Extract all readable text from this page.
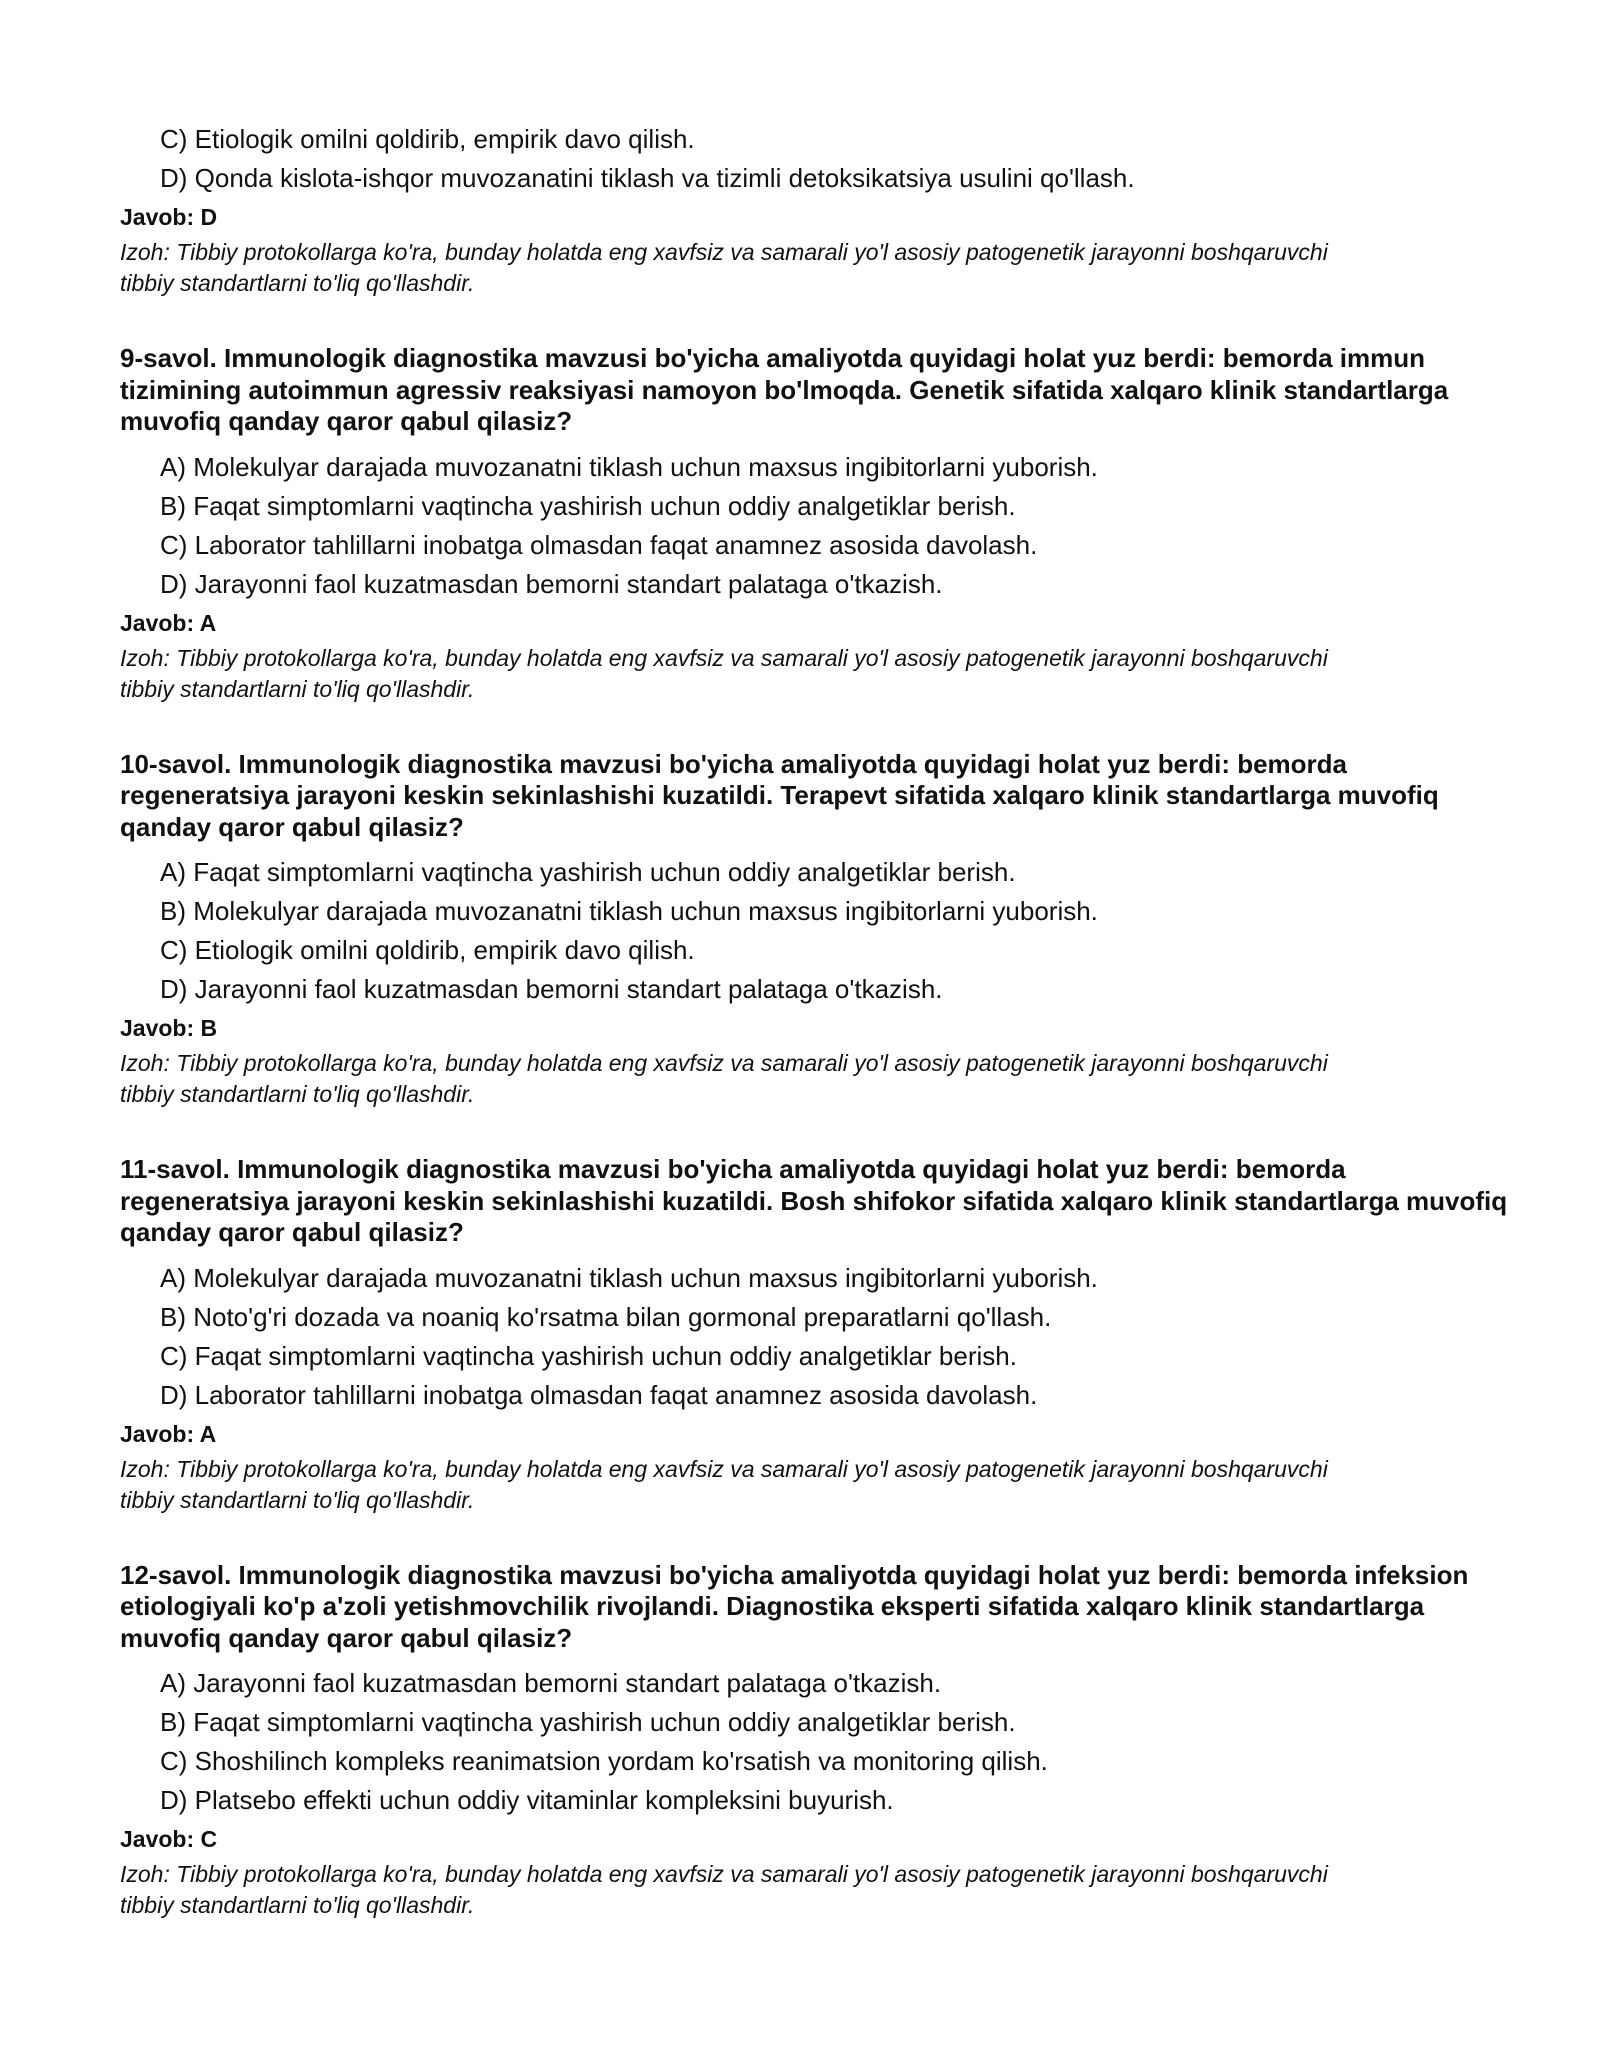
C) Etiologik omilni qoldirib, empirik davo qilish.
D) Qonda kislota-ishqor muvozanatini tiklash va tizimli detoksikatsiya usulini qo'llash.
Javob: D
Izoh: Tibbiy protokollarga ko'ra, bunday holatda eng xavfsiz va samarali yo'l asosiy patogenetik jarayonni boshqaruvchi tibbiy standartlarni to'liq qo'llashdir.
9-savol. Immunologik diagnostika mavzusi bo'yicha amaliyotda quyidagi holat yuz berdi: bemorda immun tizimining autoimmun agressiv reaksiyasi namoyon bo'lmoqda. Genetik sifatida xalqaro klinik standartlarga muvofiq qanday qaror qabul qilasiz?
A) Molekulyar darajada muvozanatni tiklash uchun maxsus ingibitorlarni yuborish.
B) Faqat simptomlarni vaqtincha yashirish uchun oddiy analgetiklar berish.
C) Laborator tahlillarni inobatga olmasdan faqat anamnez asosida davolash.
D) Jarayonni faol kuzatmasdan bemorni standart palataga o'tkazish.
Javob: A
Izoh: Tibbiy protokollarga ko'ra, bunday holatda eng xavfsiz va samarali yo'l asosiy patogenetik jarayonni boshqaruvchi tibbiy standartlarni to'liq qo'llashdir.
10-savol. Immunologik diagnostika mavzusi bo'yicha amaliyotda quyidagi holat yuz berdi: bemorda regeneratsiya jarayoni keskin sekinlashishi kuzatildi. Terapevt sifatida xalqaro klinik standartlarga muvofiq qanday qaror qabul qilasiz?
A) Faqat simptomlarni vaqtincha yashirish uchun oddiy analgetiklar berish.
B) Molekulyar darajada muvozanatni tiklash uchun maxsus ingibitorlarni yuborish.
C) Etiologik omilni qoldirib, empirik davo qilish.
D) Jarayonni faol kuzatmasdan bemorni standart palataga o'tkazish.
Javob: B
Izoh: Tibbiy protokollarga ko'ra, bunday holatda eng xavfsiz va samarali yo'l asosiy patogenetik jarayonni boshqaruvchi tibbiy standartlarni to'liq qo'llashdir.
11-savol. Immunologik diagnostika mavzusi bo'yicha amaliyotda quyidagi holat yuz berdi: bemorda regeneratsiya jarayoni keskin sekinlashishi kuzatildi. Bosh shifokor sifatida xalqaro klinik standartlarga muvofiq qanday qaror qabul qilasiz?
A) Molekulyar darajada muvozanatni tiklash uchun maxsus ingibitorlarni yuborish.
B) Noto'g'ri dozada va noaniq ko'rsatma bilan gormonal preparatlarni qo'llash.
C) Faqat simptomlarni vaqtincha yashirish uchun oddiy analgetiklar berish.
D) Laborator tahlillarni inobatga olmasdan faqat anamnez asosida davolash.
Javob: A
Izoh: Tibbiy protokollarga ko'ra, bunday holatda eng xavfsiz va samarali yo'l asosiy patogenetik jarayonni boshqaruvchi tibbiy standartlarni to'liq qo'llashdir.
12-savol. Immunologik diagnostika mavzusi bo'yicha amaliyotda quyidagi holat yuz berdi: bemorda infeksion etiologiyali ko'p a'zoli yetishmovchilik rivojlandi. Diagnostika eksperti sifatida xalqaro klinik standartlarga muvofiq qanday qaror qabul qilasiz?
A) Jarayonni faol kuzatmasdan bemorni standart palataga o'tkazish.
B) Faqat simptomlarni vaqtincha yashirish uchun oddiy analgetiklar berish.
C) Shoshilinch kompleks reanimatsion yordam ko'rsatish va monitoring qilish.
D) Platsebo effekti uchun oddiy vitaminlar kompleksini buyurish.
Javob: C
Izoh: Tibbiy protokollarga ko'ra, bunday holatda eng xavfsiz va samarali yo'l asosiy patogenetik jarayonni boshqaruvchi tibbiy standartlarni to'liq qo'llashdir.
